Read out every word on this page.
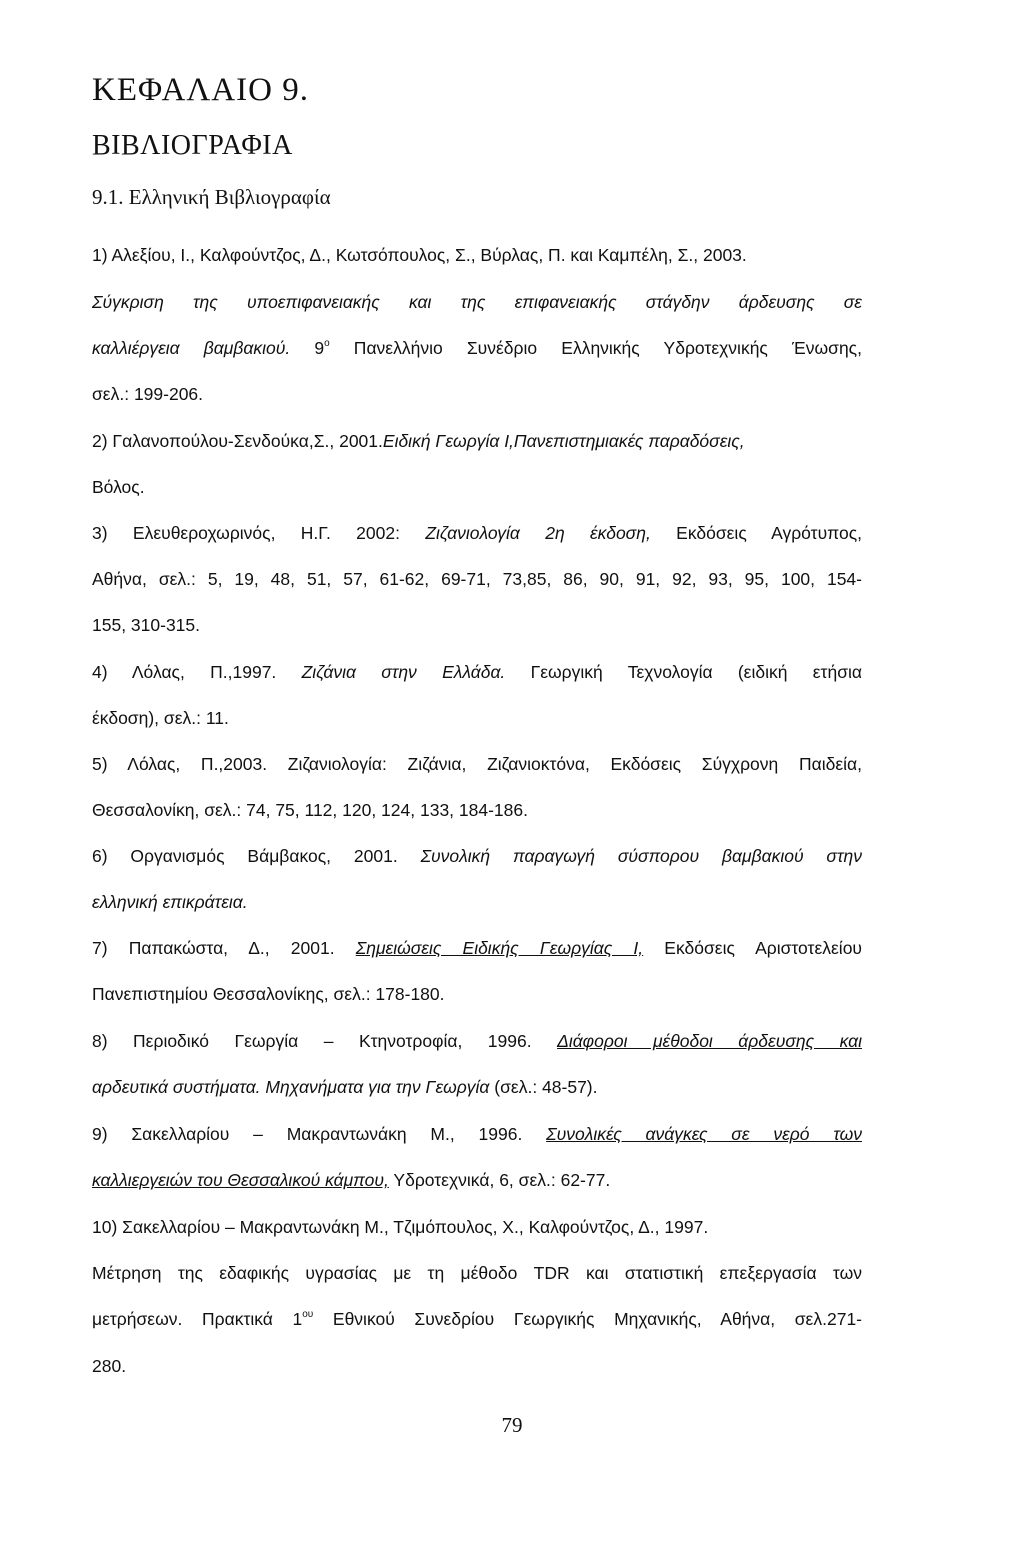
ΚΕΦΑΛΑΙΟ 9.
ΒΙΒΛΙΟΓΡΑΦΙΑ
9.1. Ελληνική Βιβλιογραφία
1) Αλεξίου, Ι., Καλφούντζος, Δ., Κωτσόπουλος, Σ., Βύρλας, Π. και Καμπέλη, Σ., 2003.
Σύγκριση της υποεπιφανειακής και της επιφανειακής στάγδην άρδευσης σε
καλλιέργεια βαμβακιού. $9^o$ Πανελλήνιο Συνέδριο Ελληνικής Υδροτεχνικής Ένωσης,
σελ.: 199-206.
2) Γαλανοπούλου-Σενδούκα,Σ., 2001.Ειδική Γεωργία Ι,Πανεπιστημιακές παραδόσεις,
Βόλος.
3) Ελευθεροχωρινός, Η.Γ. 2002: Ζιζανιολογία 2η έκδοση, Εκδόσεις Αγρότυπος,
Αθήνα, σελ.: 5, 19, 48, 51, 57, 61-62, 69-71, 73,85, 86, 90, 91, 92, 93, 95, 100, 154-
155, 310-315.
4) Λόλας, Π.,1997. Ζιζάνια στην Ελλάδα. Γεωργική Τεχνολογία (ειδική ετήσια
έκδοση), σελ.: 11.
5) Λόλας, Π.,2003. Ζιζανιολογία: Ζιζάνια, Ζιζανιοκτόνα, Εκδόσεις Σύγχρονη Παιδεία,
Θεσσαλονίκη, σελ.: 74, 75, 112, 120, 124, 133, 184-186.
6) Οργανισμός Βάμβακος, 2001. Συνολική παραγωγή σύσπορου βαμβακιού στην
ελληνική επικράτεια.
7) Παπακώστα, Δ., 2001. Σημειώσεις Ειδικής Γεωργίας Ι, Εκδόσεις Αριστοτελείου
Πανεπιστημίου Θεσσαλονίκης, σελ.: 178-180.
8) Περιοδικό Γεωργία – Κτηνοτροφία, 1996. Διάφοροι μέθοδοι άρδευσης και
αρδευτικά συστήματα. Μηχανήματα για την Γεωργία (σελ.: 48-57).
9) Σακελλαρίου – Μακραντωνάκη Μ., 1996. Συνολικές ανάγκες σε νερό των
καλλιεργειών του Θεσσαλικού κάμπου, Υδροτεχνικά, 6, σελ.: 62-77.
10) Σακελλαρίου – Μακραντωνάκη Μ., Τζιμόπουλος, Χ., Καλφούντζος, Δ., 1997.
Μέτρηση της εδαφικής υγρασίας με τη μέθοδο TDR και στατιστική επεξεργασία των
μετρήσεων. Πρακτικά $1^{o\upsilon}$ Εθνικού Συνεδρίου Γεωργικής Μηχανικής, Αθήνα, σελ.271-
280.
79
